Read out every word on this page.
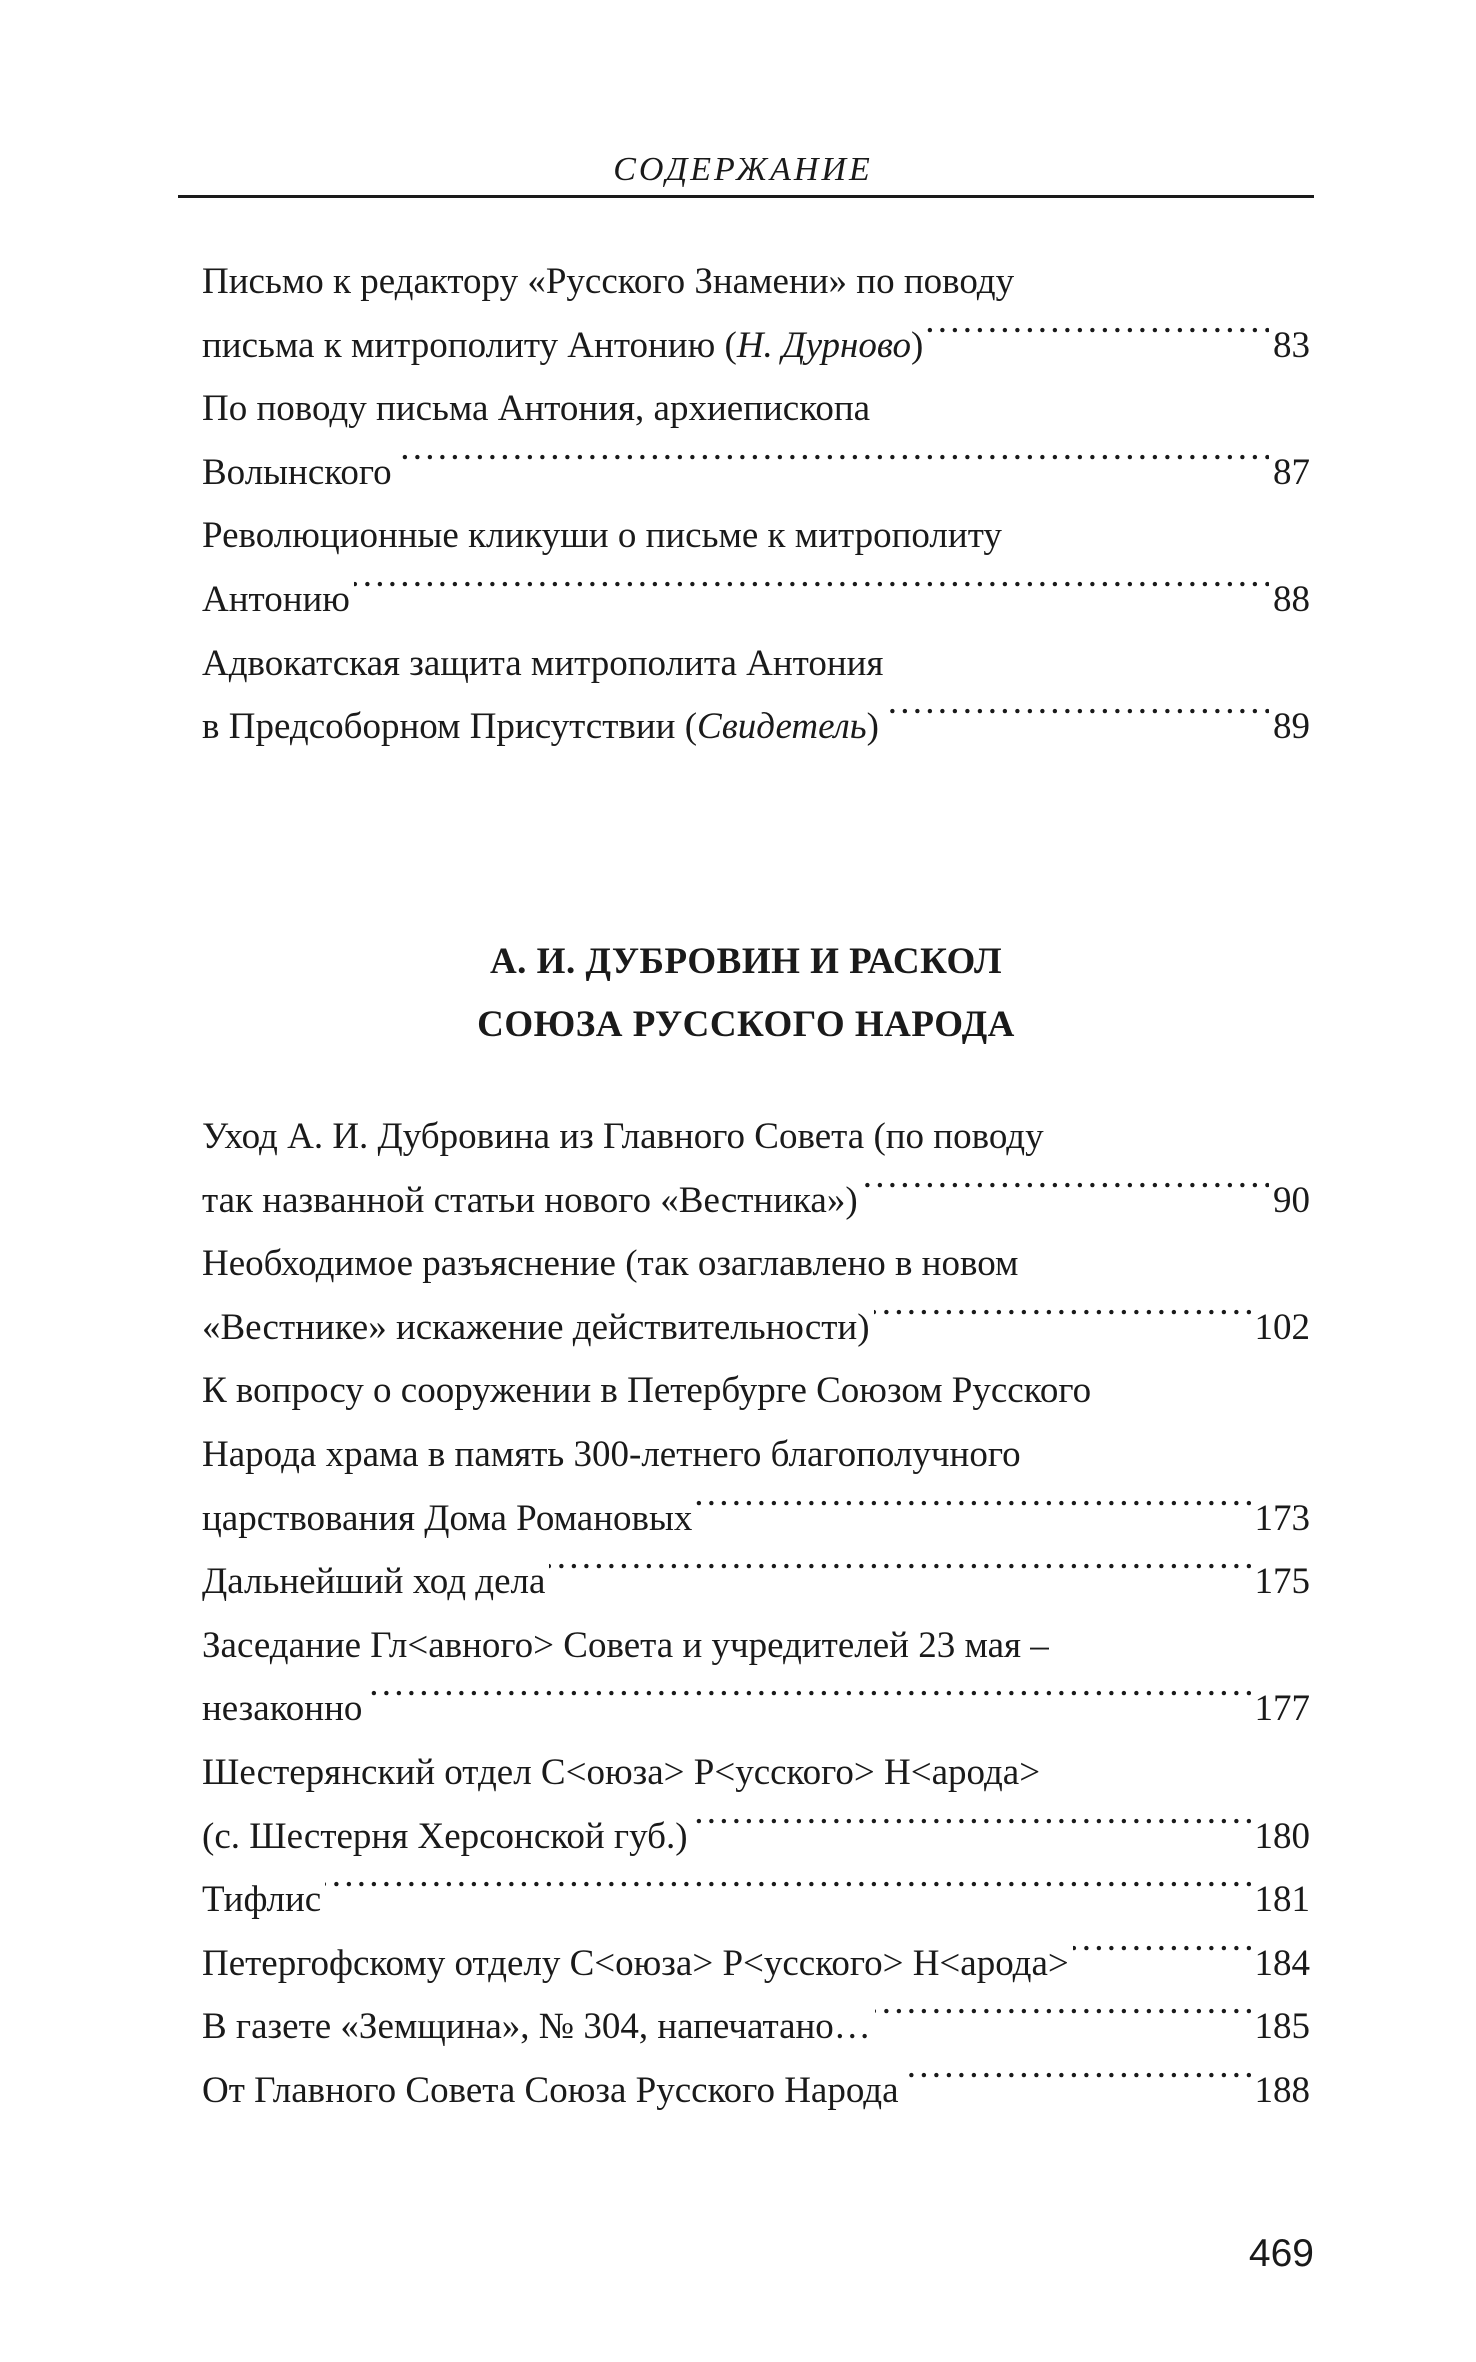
СОДЕРЖАНИЕ
Письмо к редактору «Русского Знамени» по поводу
письма к митрополиту Антонию (Н. Дурново) . . .	83
По поводу письма Антония, архиепископа
Волынского . . .	87
Революционные кликуши о письме к митрополиту
Антонию . . .	88
Адвокатская защита митрополита Антония
в Предсоборном Присутствии (Свидетель) . . .	89
А. И. ДУБРОВИН И РАСКОЛ
СОЮЗА РУССКОГО НАРОДА
Уход А. И. Дубровина из Главного Совета (по поводу
так названной статьи нового «Вестника») . . .	90
Необходимое разъяснение (так озаглавлено в новом
«Вестнике» искажение действительности) . . .	102
К вопросу о сооружении в Петербурге Союзом Русского
Народа храма в память 300-летнего благополучного
царствования Дома Романовых . . .	173
Дальнейший ход дела . . .	175
Заседание Гл<авного> Совета и учредителей 23 мая –
незаконно . . .	177
Шестерянский отдел С<оюза> Р<усского> Н<арода>
(с. Шестерня Херсонской губ.) . . .	180
Тифлис . . .	181
Петергофскому отделу С<оюза> Р<усского> Н<арода> . . .	184
В газете «Земщина», № 304, напечатано… . . .	185
От Главного Совета Союза Русского Народа . . .	188
469
